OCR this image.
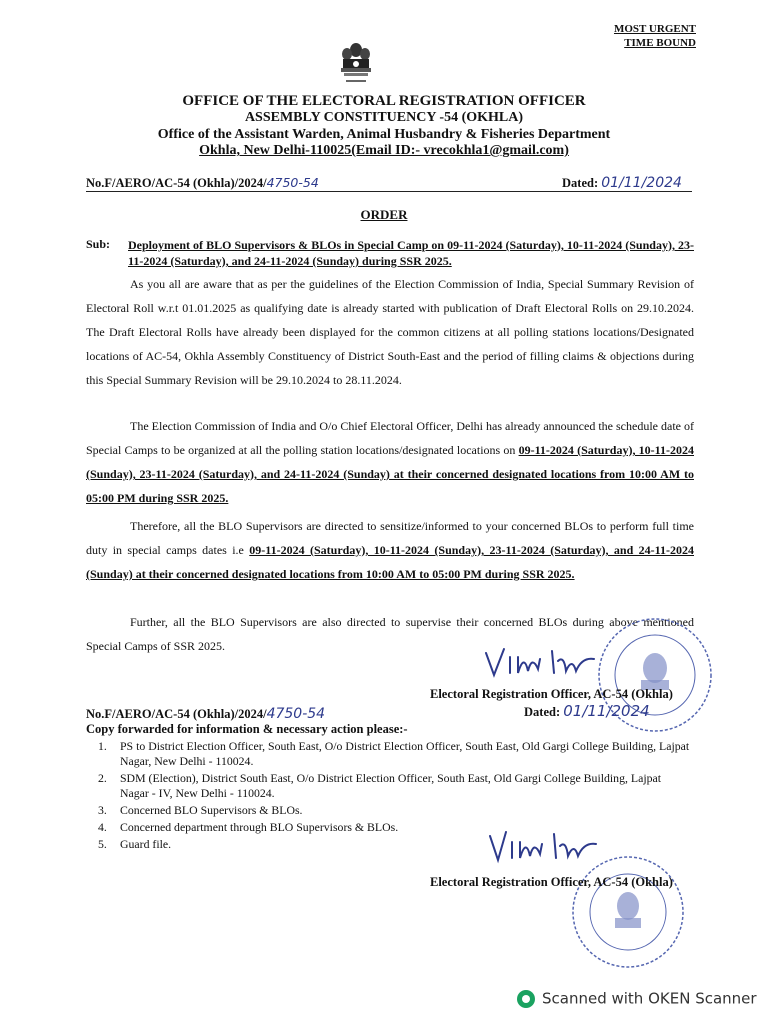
MOST URGENT
TIME BOUND
OFFICE OF THE ELECTORAL REGISTRATION OFFICER
ASSEMBLY CONSTITUENCY -54 (OKHLA)
Office of the Assistant Warden, Animal Husbandry & Fisheries Department
Okhla, New Delhi-110025(Email ID:- vrecokhla1@gmail.com)
No.F/AERO/AC-54 (Okhla)/2024/4750-54	Dated: 01/11/2024
ORDER
Sub: Deployment of BLO Supervisors & BLOs in Special Camp on 09-11-2024 (Saturday), 10-11-2024 (Sunday), 23-11-2024 (Saturday), and 24-11-2024 (Sunday) during SSR 2025.
As you all are aware that as per the guidelines of the Election Commission of India, Special Summary Revision of Electoral Roll w.r.t 01.01.2025 as qualifying date is already started with publication of Draft Electoral Rolls on 29.10.2024. The Draft Electoral Rolls have already been displayed for the common citizens at all polling stations locations/Designated locations of AC-54, Okhla Assembly Constituency of District South-East and the period of filling claims & objections during this Special Summary Revision will be 29.10.2024 to 28.11.2024.
The Election Commission of India and O/o Chief Electoral Officer, Delhi has already announced the schedule date of Special Camps to be organized at all the polling station locations/designated locations on 09-11-2024 (Saturday), 10-11-2024 (Sunday), 23-11-2024 (Saturday), and 24-11-2024 (Sunday) at their concerned designated locations from 10:00 AM to 05:00 PM during SSR 2025.
Therefore, all the BLO Supervisors are directed to sensitize/informed to your concerned BLOs to perform full time duty in special camps dates i.e 09-11-2024 (Saturday), 10-11-2024 (Sunday), 23-11-2024 (Saturday), and 24-11-2024 (Sunday) at their concerned designated locations from 10:00 AM to 05:00 PM during SSR 2025.
Further, all the BLO Supervisors are also directed to supervise their concerned BLOs during above mentioned Special Camps of SSR 2025.
Electoral Registration Officer, AC-54 (Okhla)
No.F/AERO/AC-54 (Okhla)/2024/4750-54	Dated: 01/11/2024
Copy forwarded for information & necessary action please:-
1. PS to District Election Officer, South East, O/o District Election Officer, South East, Old Gargi College Building, Lajpat Nagar, New Delhi - 110024.
2. SDM (Election), District South East, O/o District Election Officer, South East, Old Gargi College Building, Lajpat Nagar - IV, New Delhi - 110024.
3. Concerned BLO Supervisors & BLOs.
4. Concerned department through BLO Supervisors & BLOs.
5. Guard file.
Electoral Registration Officer, AC-54 (Okhla)
Scanned with OKEN Scanner
